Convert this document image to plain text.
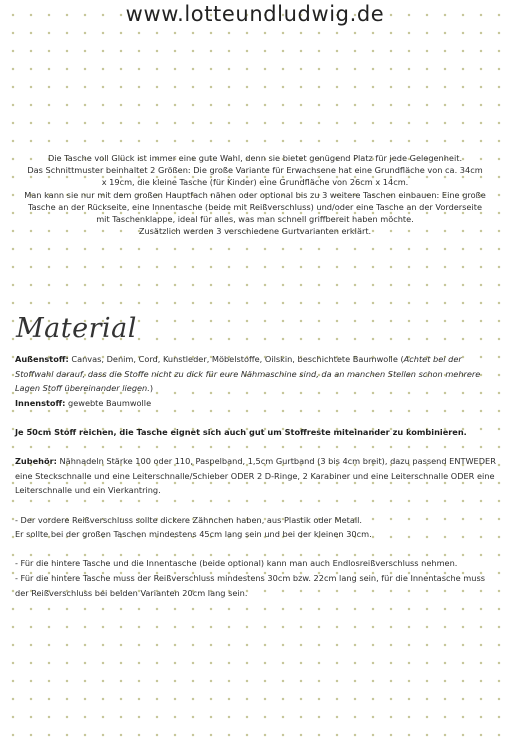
www.lotteundludwig.de

Die Tasche voll Glück ist immer eine gute Wahl, denn sie bietet genügend Platz für jede Gelegenheit.

Das Schnittmuster beinhaltet 2 Größen: Die große Variante für Erwachsene hat eine Grundfläche von ca. 34cm x 19cm, die kleine Tasche (für Kinder) eine Grundfläche von 26cm x 14cm.

Man kann sie nur mit dem großen Hauptfach nähen oder optional bis zu 3 weitere Taschen einbauen: Eine große Tasche an der Rückseite, eine Innentasche (beide mit Reißverschluss) und/oder eine Tasche an der Vorderseite mit Taschenklappe, ideal für alles, was man schnell griffbereit haben möchte.

Zusätzlich werden 3 verschiedene Gurtvarianten erklärt.

Material

Außenstoff: Canvas, Denim, Cord, Kunstleder, Möbelstoffe, Oilskin, beschichtete Baumwolle (Achtet bei der Stoffwahl darauf, dass die Stoffe nicht zu dick für eure Nähmaschine sind, da an manchen Stellen schon mehrere Lagen Stoff übereinander liegen.)

Innenstoff: gewebte Baumwolle

Je 50cm Stoff reichen, die Tasche eignet sich auch gut um Stoffreste miteinander zu kombinieren.

Zubehör: Nähnadeln Stärke 100 oder 110, Paspelband, 1,5cm Gurtband (3 bis 4cm breit), dazu passend ENTWEDER eine Steckschnalle und eine Leiterschnalle/Schieber ODER 2 D-Ringe, 2 Karabiner und eine Leiterschnalle ODER eine Leiterschnalle und ein Vierkantring.

- Der vordere Reißverschluss sollte dickere Zähnchen haben, aus Plastik oder Metall.

Er sollte bei der großen Taschen mindestens 45cm lang sein und bei der kleinen 30cm.

- Für die hintere Tasche und die Innentasche (beide optional) kann man auch Endlosreißverschluss nehmen.

- Für die hintere Tasche muss der Reißverschluss mindestens 30cm bzw. 22cm lang sein, für die Innentasche muss der Reißverschluss bei beiden Varianten 20cm lang sein.
